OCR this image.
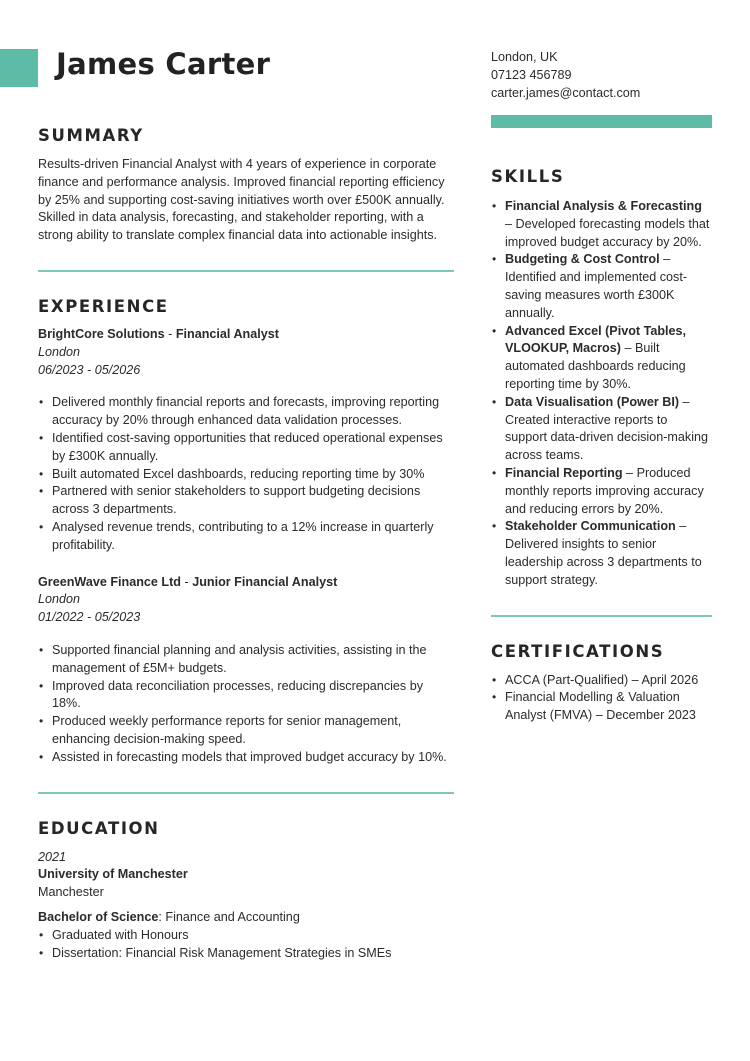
James Carter	London, UK
07123 456789
carter.james@contact.com
SUMMARY
Results-driven Financial Analyst with 4 years of experience in corporate finance and performance analysis. Improved financial reporting efficiency by 25% and supporting cost-saving initiatives worth over £500K annually. Skilled in data analysis, forecasting, and stakeholder reporting, with a strong ability to translate complex financial data into actionable insights.
EXPERIENCE
BrightCore Solutions - Financial Analyst
London
06/2023 - 05/2026
• Delivered monthly financial reports and forecasts, improving reporting accuracy by 20% through enhanced data validation processes.
• Identified cost-saving opportunities that reduced operational expenses by £300K annually.
• Built automated Excel dashboards, reducing reporting time by 30%
• Partnered with senior stakeholders to support budgeting decisions across 3 departments.
• Analysed revenue trends, contributing to a 12% increase in quarterly profitability.
GreenWave Finance Ltd - Junior Financial Analyst
London
01/2022 - 05/2023
• Supported financial planning and analysis activities, assisting in the management of £5M+ budgets.
• Improved data reconciliation processes, reducing discrepancies by 18%.
• Produced weekly performance reports for senior management, enhancing decision-making speed.
• Assisted in forecasting models that improved budget accuracy by 10%.
EDUCATION
2021
University of Manchester
Manchester
Bachelor of Science: Finance and Accounting
• Graduated with Honours
• Dissertation: Financial Risk Management Strategies in SMEs
SKILLS
• Financial Analysis & Forecasting – Developed forecasting models that improved budget accuracy by 20%.
• Budgeting & Cost Control – Identified and implemented cost-saving measures worth £300K annually.
• Advanced Excel (Pivot Tables, VLOOKUP, Macros) – Built automated dashboards reducing reporting time by 30%.
• Data Visualisation (Power BI) – Created interactive reports to support data-driven decision-making across teams.
• Financial Reporting – Produced monthly reports improving accuracy and reducing errors by 20%.
• Stakeholder Communication – Delivered insights to senior leadership across 3 departments to support strategy.
CERTIFICATIONS
• ACCA (Part-Qualified) – April 2026
• Financial Modelling & Valuation Analyst (FMVA) – December 2023
